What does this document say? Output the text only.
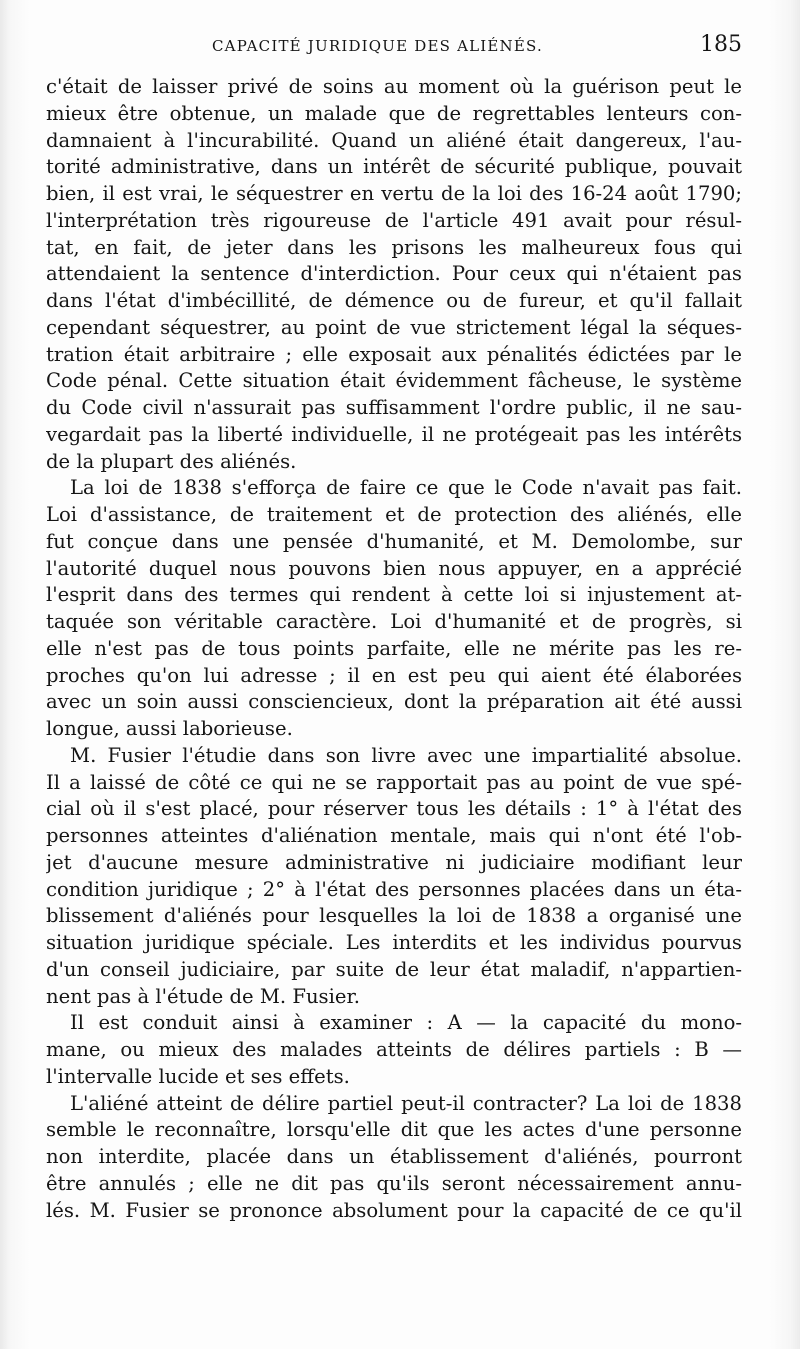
CAPACITÉ JURIDIQUE DES ALIÉNÉS.	185
c'était de laisser privé de soins au moment où la guérison peut le
mieux être obtenue, un malade que de regrettables lenteurs con-
damnaient à l'incurabilité. Quand un aliéné était dangereux, l'au-
torité administrative, dans un intérêt de sécurité publique, pouvait
bien, il est vrai, le séquestrer en vertu de la loi des 16-24 août 1790;
l'interprétation très rigoureuse de l'article 491 avait pour résul-
tat, en fait, de jeter dans les prisons les malheureux fous qui
attendaient la sentence d'interdiction. Pour ceux qui n'étaient pas
dans l'état d'imbécillité, de démence ou de fureur, et qu'il fallait
cependant séquestrer, au point de vue strictement légal la séques-
tration était arbitraire ; elle exposait aux pénalités édictées par le
Code pénal. Cette situation était évidemment fâcheuse, le système
du Code civil n'assurait pas suffisamment l'ordre public, il ne sau-
vegardait pas la liberté individuelle, il ne protégeait pas les intérêts
de la plupart des aliénés.
La loi de 1838 s'efforça de faire ce que le Code n'avait pas fait.
Loi d'assistance, de traitement et de protection des aliénés, elle
fut conçue dans une pensée d'humanité, et M. Demolombe, sur
l'autorité duquel nous pouvons bien nous appuyer, en a apprécié
l'esprit dans des termes qui rendent à cette loi si injustement at-
taquée son véritable caractère. Loi d'humanité et de progrès, si
elle n'est pas de tous points parfaite, elle ne mérite pas les re-
proches qu'on lui adresse ; il en est peu qui aient été élaborées
avec un soin aussi consciencieux, dont la préparation ait été aussi
longue, aussi laborieuse.
M. Fusier l'étudie dans son livre avec une impartialité absolue.
Il a laissé de côté ce qui ne se rapportait pas au point de vue spé-
cial où il s'est placé, pour réserver tous les détails : 1° à l'état des
personnes atteintes d'aliénation mentale, mais qui n'ont été l'ob-
jet d'aucune mesure administrative ni judiciaire modifiant leur
condition juridique ; 2° à l'état des personnes placées dans un éta-
blissement d'aliénés pour lesquelles la loi de 1838 a organisé une
situation juridique spéciale. Les interdits et les individus pourvus
d'un conseil judiciaire, par suite de leur état maladif, n'appartien-
nent pas à l'étude de M. Fusier.
Il est conduit ainsi à examiner : A — la capacité du mono-
mane, ou mieux des malades atteints de délires partiels : B —
l'intervalle lucide et ses effets.
L'aliéné atteint de délire partiel peut-il contracter? La loi de 1838
semble le reconnaître, lorsqu'elle dit que les actes d'une personne
non interdite, placée dans un établissement d'aliénés, pourront
être annulés ; elle ne dit pas qu'ils seront nécessairement annu-
lés. M. Fusier se prononce absolument pour la capacité de ce qu'il
